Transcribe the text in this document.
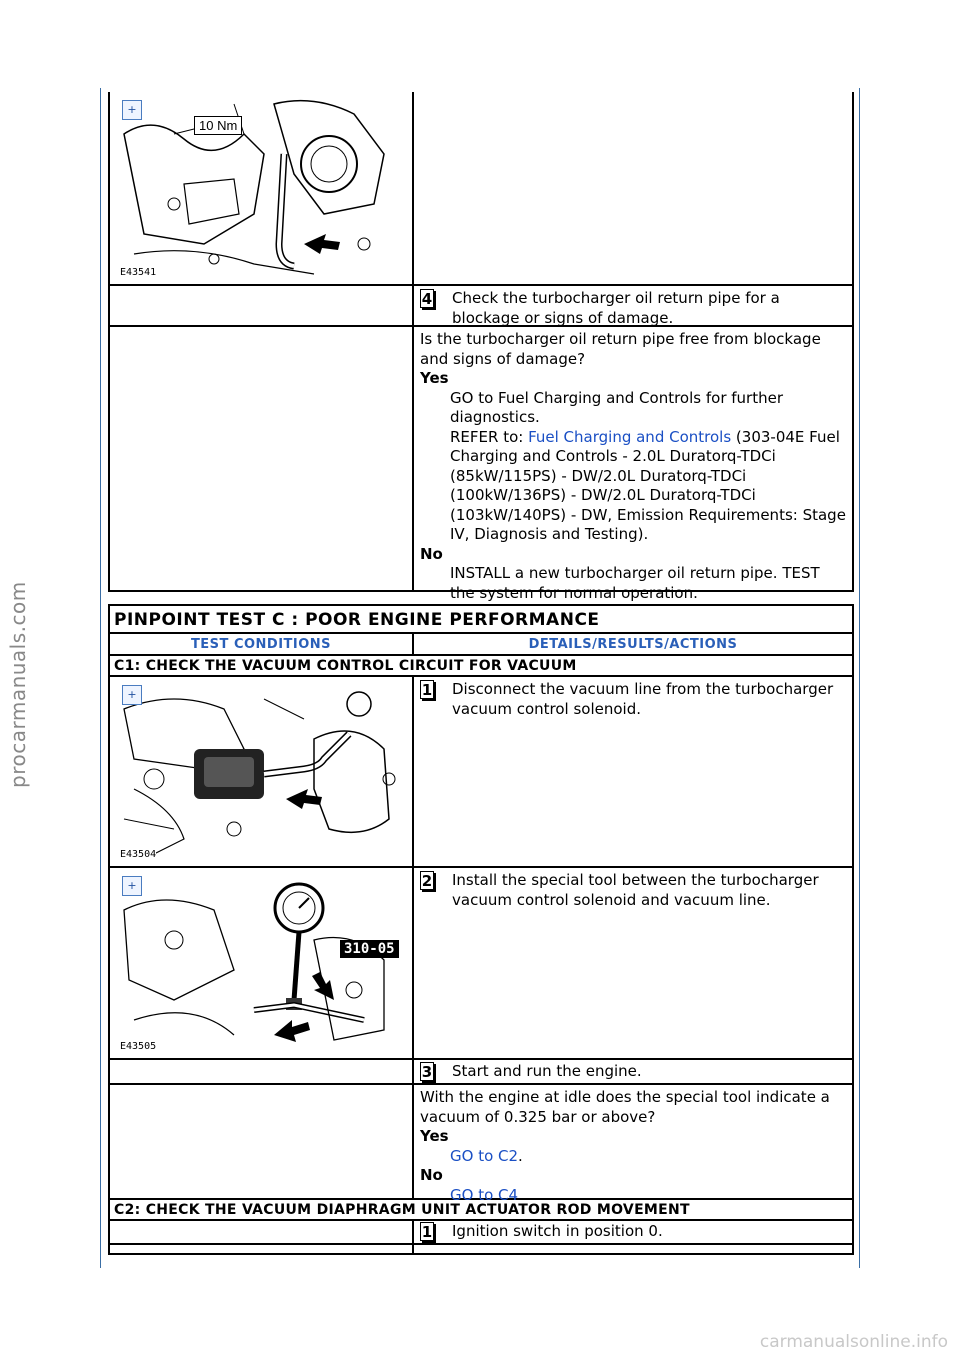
procarmanuals.com
carmanualsonline.info
+
10 Nm
E43541
4 Check the turbocharger oil return pipe for a blockage or signs of damage.
Is the turbocharger oil return pipe free from blockage and signs of damage?
Yes
GO to Fuel Charging and Controls for further diagnostics.
REFER to: Fuel Charging and Controls (303-04E Fuel Charging and Controls - 2.0L Duratorq-TDCi (85kW/115PS) - DW/2.0L Duratorq-TDCi (100kW/136PS) - DW/2.0L Duratorq-TDCi (103kW/140PS) - DW, Emission Requirements: Stage IV, Diagnosis and Testing).
No
INSTALL a new turbocharger oil return pipe. TEST the system for normal operation.
PINPOINT TEST C : POOR ENGINE PERFORMANCE
TEST CONDITIONS	DETAILS/RESULTS/ACTIONS
C1: CHECK THE VACUUM CONTROL CIRCUIT FOR VACUUM
+
E43504
1 Disconnect the vacuum line from the turbocharger vacuum control solenoid.
+
310-05
E43505
2 Install the special tool between the turbocharger vacuum control solenoid and vacuum line.
3 Start and run the engine.
With the engine at idle does the special tool indicate a vacuum of 0.325 bar or above?
Yes
GO to C2.
No
GO to C4.
C2: CHECK THE VACUUM DIAPHRAGM UNIT ACTUATOR ROD MOVEMENT
1 Ignition switch in position 0.
